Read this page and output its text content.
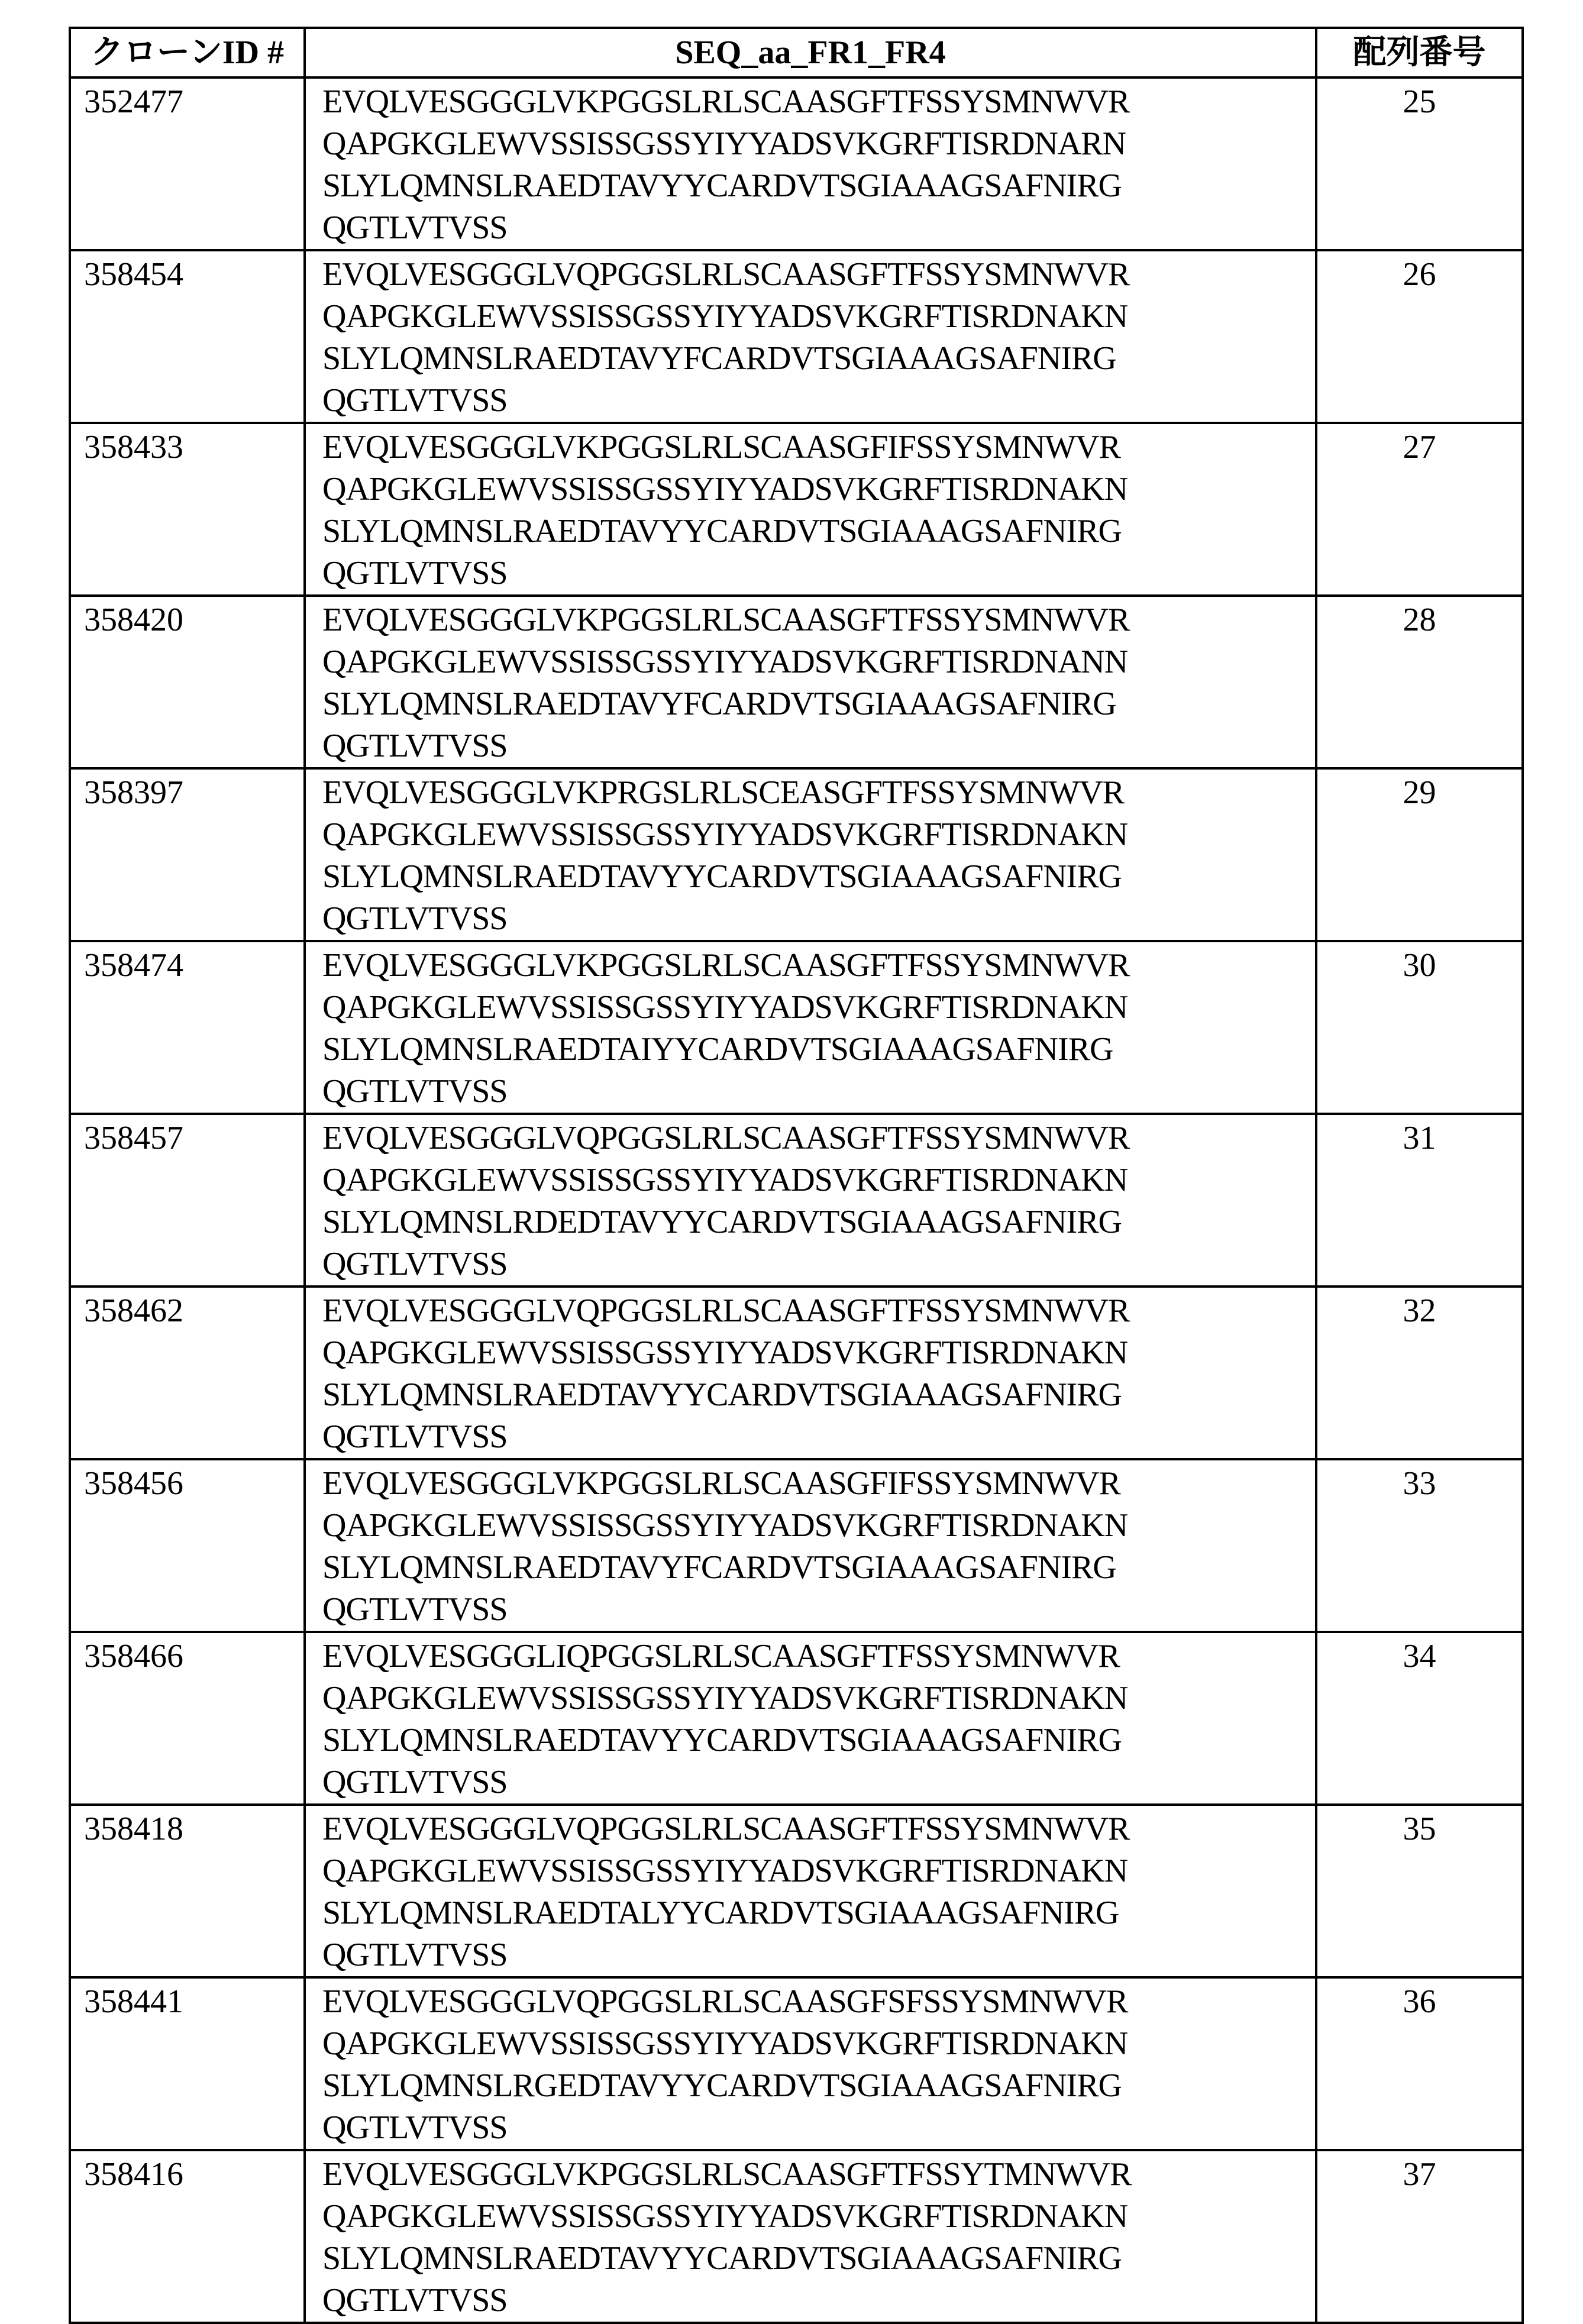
クローンID #	SEQ_aa_FR1_FR4	配列番号
352477	EVQLVESGGGLVKPGGSLRLSCAASGFTFSSYSMNWVR
QAPGKGLEWVSSISSGSSYIYYADSVKGRFTISRDNARN
SLYLQMNSLRAEDTAVYYCARDVTSGIAAAGSAFNIRG
QGTLVTVSS
	25
358454	EVQLVESGGGLVQPGGSLRLSCAASGFTFSSYSMNWVR
QAPGKGLEWVSSISSGSSYIYYADSVKGRFTISRDNAKN
SLYLQMNSLRAEDTAVYFCARDVTSGIAAAGSAFNIRG
QGTLVTVSS
	26
358433	EVQLVESGGGLVKPGGSLRLSCAASGFIFSSYSMNWVR
QAPGKGLEWVSSISSGSSYIYYADSVKGRFTISRDNAKN
SLYLQMNSLRAEDTAVYYCARDVTSGIAAAGSAFNIRG
QGTLVTVSS
	27
358420	EVQLVESGGGLVKPGGSLRLSCAASGFTFSSYSMNWVR
QAPGKGLEWVSSISSGSSYIYYADSVKGRFTISRDNANN
SLYLQMNSLRAEDTAVYFCARDVTSGIAAAGSAFNIRG
QGTLVTVSS
	28
358397	EVQLVESGGGLVKPRGSLRLSCEASGFTFSSYSMNWVR
QAPGKGLEWVSSISSGSSYIYYADSVKGRFTISRDNAKN
SLYLQMNSLRAEDTAVYYCARDVTSGIAAAGSAFNIRG
QGTLVTVSS
	29
358474	EVQLVESGGGLVKPGGSLRLSCAASGFTFSSYSMNWVR
QAPGKGLEWVSSISSGSSYIYYADSVKGRFTISRDNAKN
SLYLQMNSLRAEDTAIYYCARDVTSGIAAAGSAFNIRG
QGTLVTVSS
	30
358457	EVQLVESGGGLVQPGGSLRLSCAASGFTFSSYSMNWVR
QAPGKGLEWVSSISSGSSYIYYADSVKGRFTISRDNAKN
SLYLQMNSLRDEDTAVYYCARDVTSGIAAAGSAFNIRG
QGTLVTVSS
	31
358462	EVQLVESGGGLVQPGGSLRLSCAASGFTFSSYSMNWVR
QAPGKGLEWVSSISSGSSYIYYADSVKGRFTISRDNAKN
SLYLQMNSLRAEDTAVYYCARDVTSGIAAAGSAFNIRG
QGTLVTVSS
	32
358456	EVQLVESGGGLVKPGGSLRLSCAASGFIFSSYSMNWVR
QAPGKGLEWVSSISSGSSYIYYADSVKGRFTISRDNAKN
SLYLQMNSLRAEDTAVYFCARDVTSGIAAAGSAFNIRG
QGTLVTVSS
	33
358466	EVQLVESGGGLIQPGGSLRLSCAASGFTFSSYSMNWVR
QAPGKGLEWVSSISSGSSYIYYADSVKGRFTISRDNAKN
SLYLQMNSLRAEDTAVYYCARDVTSGIAAAGSAFNIRG
QGTLVTVSS
	34
358418	EVQLVESGGGLVQPGGSLRLSCAASGFTFSSYSMNWVR
QAPGKGLEWVSSISSGSSYIYYADSVKGRFTISRDNAKN
SLYLQMNSLRAEDTALYYCARDVTSGIAAAGSAFNIRG
QGTLVTVSS
	35
358441	EVQLVESGGGLVQPGGSLRLSCAASGFSFSSYSMNWVR
QAPGKGLEWVSSISSGSSYIYYADSVKGRFTISRDNAKN
SLYLQMNSLRGEDTAVYYCARDVTSGIAAAGSAFNIRG
QGTLVTVSS
	36
358416	EVQLVESGGGLVKPGGSLRLSCAASGFTFSSYTMNWVR
QAPGKGLEWVSSISSGSSYIYYADSVKGRFTISRDNAKN
SLYLQMNSLRAEDTAVYYCARDVTSGIAAAGSAFNIRG
QGTLVTVSS
	37
